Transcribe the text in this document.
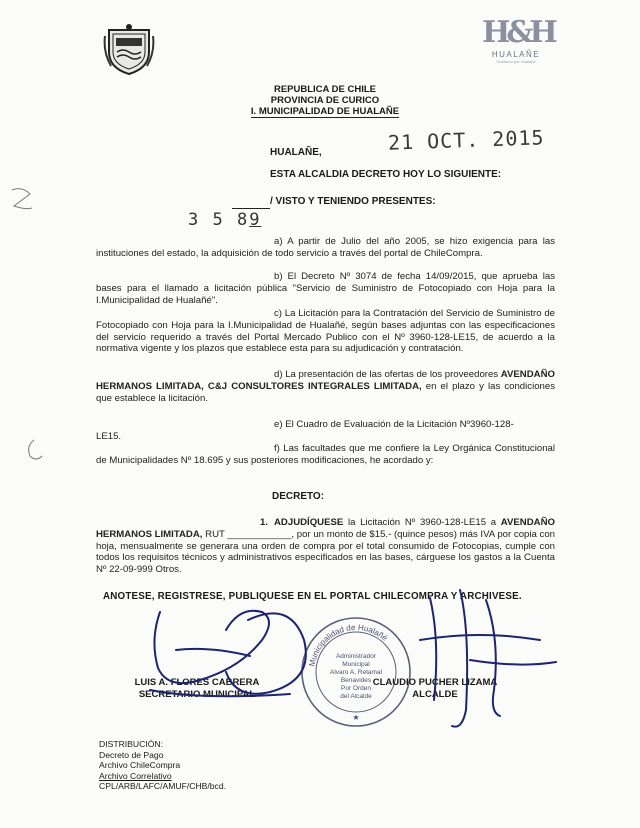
H&H
HUALAÑE
Gobierno por Hualañe
REPUBLICA DE CHILE
PROVINCIA DE CURICO
I. MUNICIPALIDAD DE HUALAÑE
21 OCT. 2015
HUALAÑE,
ESTA ALCALDIA DECRETO HOY LO SIGUIENTE:
/ VISTO Y TENIENDO PRESENTES:
3 5 89
a) A partir de Julio del año 2005, se hizo exigencia para las instituciones del estado, la adquisición de todo servicio a través del portal de ChileCompra.
b) El Decreto Nº 3074 de fecha 14/09/2015, que aprueba las bases para el llamado a licitación pública "Servicio de Suministro de Fotocopiado con Hoja para la I.Municipalidad de Hualañé".
c) La Licitación para la Contratación del Servicio de Suministro de Fotocopiado con Hoja para la I.Municipalidad de Hualañé, según bases adjuntas con las especificaciones del servicio requerido a través del Portal Mercado Publico con el Nº 3960-128-LE15, de acuerdo a la normativa vigente y los plazos que establece esta para su adjudicación y contratación.
d) La presentación de las ofertas de los proveedores AVENDAÑO HERMANOS LIMITADA, C&J CONSULTORES INTEGRALES LIMITADA, en el plazo y las condiciones que establece la licitación.
e) El Cuadro de Evaluación de la Licitación Nº3960-128-
LE15.
f) Las facultades que me confiere la Ley Orgánica Constitucional de Municipalidades Nº 18.695 y sus posteriores modificaciones, he acordado y:
DECRETO:
1. ADJUDÍQUESE la Licitación Nº 3960-128-LE15 a AVENDAÑO HERMANOS LIMITADA, RUT ____________, por un monto de $15.- (quince pesos) más IVA por copia con hoja, mensualmente se generara una orden de compra por el total consumido de Fotocopias, cumple con todos los requisitos técnicos y administrativos especificados en las bases, cárguese los gastos a la Cuenta Nº 22-09-999 Otros.
ANOTESE, REGISTRESE, PUBLIQUESE EN EL PORTAL CHILECOMPRA Y ARCHIVESE.
Municipalidad de Hualañé
Administrador
Municipal
Alvaro A. Retamal
Benavides
Por Orden
del Alcalde
★
LUIS A. FLORES CABRERA
SECRETARIO MUNICIPAL
CLAUDIO PUCHER LIZAMA
ALCALDE
DISTRIBUCIÓN:
Decreto de Pago
Archivo ChileCompra
Archivo Correlativo
CPL/ARB/LAFC/AMUF/CHB/bcd.
